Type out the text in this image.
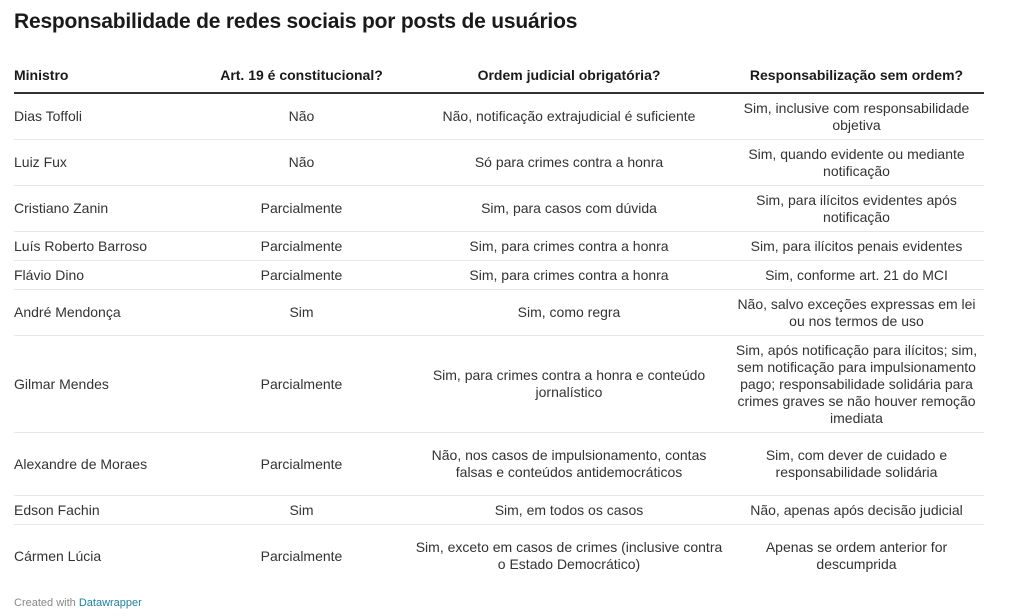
Responsabilidade de redes sociais por posts de usuários
Ministro	Art. 19 é constitucional?	Ordem judicial obrigatória?	Responsabilização sem ordem?
Dias Toffoli	Não	Não, notificação extrajudicial é suficiente	Sim, inclusive com responsabilidade objetiva
Luiz Fux	Não	Só para crimes contra a honra	Sim, quando evidente ou mediante notificação
Cristiano Zanin	Parcialmente	Sim, para casos com dúvida	Sim, para ilícitos evidentes após notificação
Luís Roberto Barroso	Parcialmente	Sim, para crimes contra a honra	Sim, para ilícitos penais evidentes
Flávio Dino	Parcialmente	Sim, para crimes contra a honra	Sim, conforme art. 21 do MCI
André Mendonça	Sim	Sim, como regra	Não, salvo exceções expressas em lei ou nos termos de uso
Gilmar Mendes	Parcialmente	Sim, para crimes contra a honra e conteúdo jornalístico	Sim, após notificação para ilícitos; sim, sem notificação para impulsionamento pago; responsabilidade solidária para crimes graves se não houver remoção imediata
Alexandre de Moraes	Parcialmente	Não, nos casos de impulsionamento, contas falsas e conteúdos antidemocráticos	Sim, com dever de cuidado e responsabilidade solidária
Edson Fachin	Sim	Sim, em todos os casos	Não, apenas após decisão judicial
Cármen Lúcia	Parcialmente	Sim, exceto em casos de crimes (inclusive contra o Estado Democrático)	Apenas se ordem anterior for descumprida
Created with Datawrapper
